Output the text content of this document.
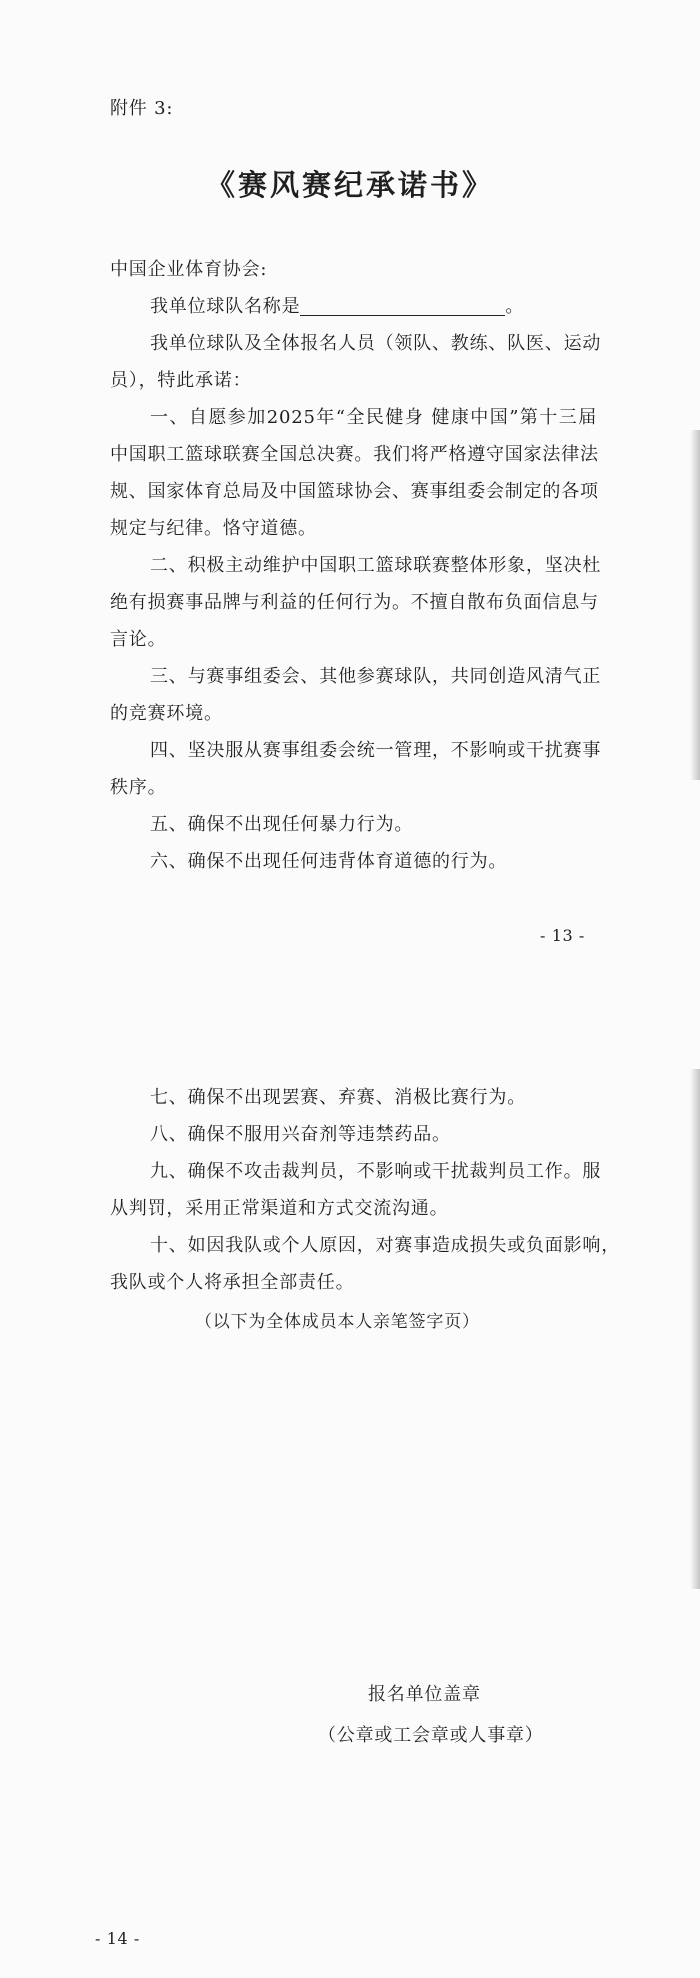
附件 3:
《赛风赛纪承诺书》
中国企业体育协会:
我单位球队名称是	。
我单位球队及全体报名人员（领队、教练、队医、运动
员），特此承诺：
一、自愿参加2025年“全民健身 健康中国”第十三届
中国职工篮球联赛全国总决赛。我们将严格遵守国家法律法
规、国家体育总局及中国篮球协会、赛事组委会制定的各项
规定与纪律。恪守道德。
二、积极主动维护中国职工篮球联赛整体形象，坚决杜
绝有损赛事品牌与利益的任何行为。不擅自散布负面信息与
言论。
三、与赛事组委会、其他参赛球队，共同创造风清气正
的竞赛环境。
四、坚决服从赛事组委会统一管理，不影响或干扰赛事
秩序。
五、确保不出现任何暴力行为。
六、确保不出现任何违背体育道德的行为。
- 13 -
七、确保不出现罢赛、弃赛、消极比赛行为。
八、确保不服用兴奋剂等违禁药品。
九、确保不攻击裁判员，不影响或干扰裁判员工作。服
从判罚，采用正常渠道和方式交流沟通。
十、如因我队或个人原因，对赛事造成损失或负面影响，
我队或个人将承担全部责任。
（以下为全体成员本人亲笔签字页）
报名单位盖章
（公章或工会章或人事章）
- 14 -
